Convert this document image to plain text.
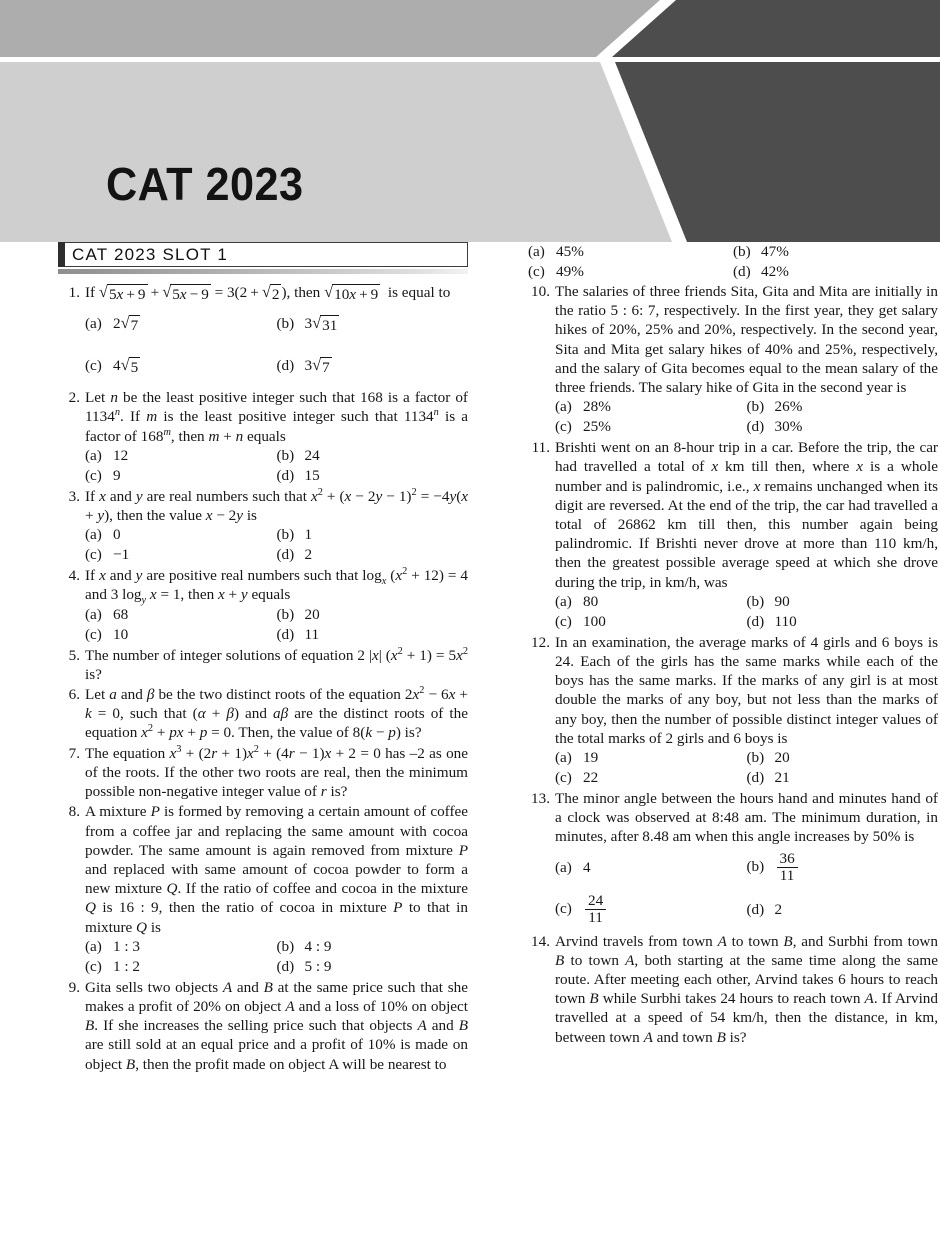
CAT 2023

CAT 2023 SLOT 1
1. If √ 5x + 9  +  √ 5x − 9 = 3(2 +  √ 2 ), then √ 10x + 9 is equal to
(a) 2 √ 7	(b) 3 √ 31
(c) 4 √ 5	(d) 3 √ 7
2. Let n be the least positive integer such that 168 is a factor of 1134$^n$. If m is the least positive integer such that 1134$^n$ is a factor of 168$^m$, then m + n equals
(a) 12	(b) 24
(c) 9	(d) 15
3. If x and y are real numbers such that $x^2 + (x - 2y - 1)^2 = -4y(x + y)$, then the value x − 2y is
(a) 0	(b) 1
(c) −1	(d) 2
4. If x and y are positive real numbers such that $\log_x (x^2 + 12) = 4$ and 3 $\log_y x = 1$, then x + y equals
(a) 68	(b) 20
(c) 10	(d) 11
5. The number of integer solutions of equation 2 |x| $(x^2 + 1) = 5x^2$ is?
6. Let a and β be the two distinct roots of the equation $2x^2 - 6x + k = 0$, such that (α + β) and aβ are the distinct roots of the equation $x^2$ + px + p = 0. Then, the value of 8(k − p) is?
7. The equation $x^3 + (2r + 1)x^2 + (4r - 1)x + 2 = 0$ has –2 as one of the roots. If the other two roots are real, then the minimum possible non-negative integer value of r is?
8. A mixture P is formed by removing a certain amount of coffee from a coffee jar and replacing the same amount with cocoa powder. The same amount is again removed from mixture P and replaced with same amount of cocoa powder to form a new mixture Q. If the ratio of coffee and cocoa in the mixture Q is 16 : 9, then the ratio of cocoa in mixture P to that in mixture Q is
(a) 1 : 3	(b) 4 : 9
(c) 1 : 2	(d) 5 : 9
9. Gita sells two objects A and B at the same price such that she makes a profit of 20% on object A and a loss of 10% on object B. If she increases the selling price such that objects A and B are still sold at an equal price and a profit of 10% is made on object B, then the profit made on object A will be nearest to
(a) 45%	(b) 47%
(c) 49%	(d) 42%
10. The salaries of three friends Sita, Gita and Mita are initially in the ratio 5 : 6: 7, respectively. In the first year, they get salary hikes of 20%, 25% and 20%, respectively. In the second year, Sita and Mita get salary hikes of 40% and 25%, respectively, and the salary of Gita becomes equal to the mean salary of the three friends. The salary hike of Gita in the second year is
(a) 28%	(b) 26%
(c) 25%	(d) 30%
11. Brishti went on an 8-hour trip in a car. Before the trip, the car had travelled a total of x km till then, where x is a whole number and is palindromic, i.e., x remains unchanged when its digit are reversed. At the end of the trip, the car had travelled a total of 26862 km till then, this number again being palindromic. If Brishti never drove at more than 110 km/h, then the greatest possible average speed at which she drove during the trip, in km/h, was
(a) 80	(b) 90
(c) 100	(d) 110
12. In an examination, the average marks of 4 girls and 6 boys is 24. Each of the girls has the same marks while each of the boys has the same marks. If the marks of any girl is at most double the marks of any boy, but not less than the marks of any boy, then the number of possible distinct integer values of the total marks of 2 girls and 6 boys is
(a) 19	(b) 20
(c) 22	(d) 21
13. The minor angle between the hours hand and minutes hand of a clock was observed at 8:48 am. The minimum duration, in minutes, after 8.48 am when this angle increases by 50% is
(a) 4	$(b) \frac{36}{11}$
$(c) \frac{24}{11}$	(d) 2
14. Arvind travels from town A to town B, and Surbhi from town B to town A, both starting at the same time along the same route. After meeting each other, Arvind takes 6 hours to reach town B while Surbhi takes 24 hours to reach town A. If Arvind travelled at a speed of 54 km/h, then the distance, in km, between town A and town B is?
